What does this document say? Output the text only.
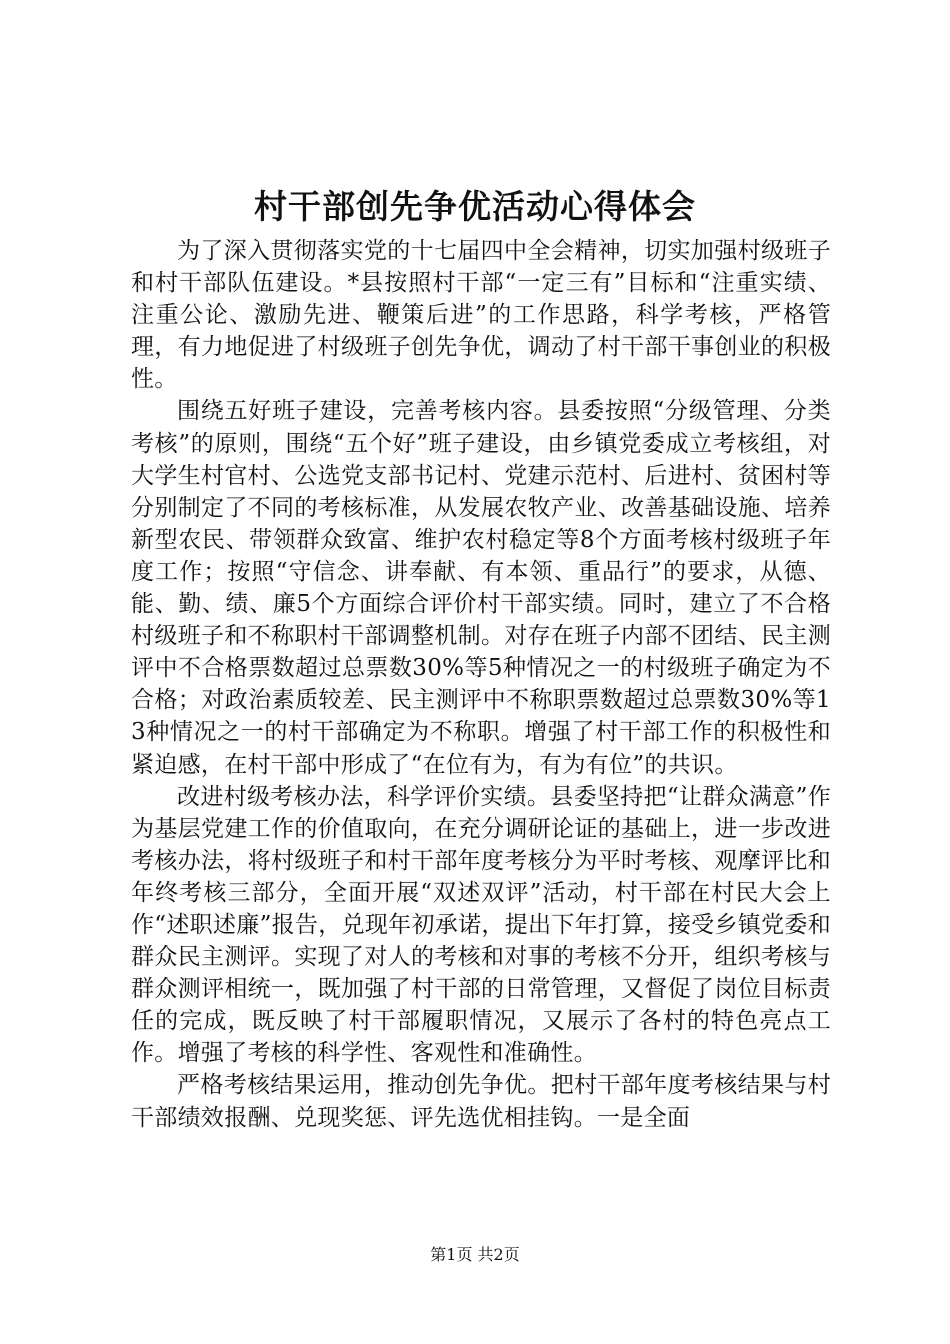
村干部创先争优活动心得体会

为了深入贯彻落实党的十七届四中全会精神，切实加强村级班子和村干部队伍建设。*县按照村干部“一定三有”目标和“注重实绩、注重公论、激励先进、鞭策后进”的工作思路，科学考核，严格管理，有力地促进了村级班子创先争优，调动了村干部干事创业的积极性。

围绕五好班子建设，完善考核内容。县委按照“分级管理、分类考核”的原则，围绕“五个好”班子建设，由乡镇党委成立考核组，对大学生村官村、公选党支部书记村、党建示范村、后进村、贫困村等分别制定了不同的考核标准，从发展农牧产业、改善基础设施、培养新型农民、带领群众致富、维护农村稳定等8个方面考核村级班子年度工作；按照“守信念、讲奉献、有本领、重品行”的要求，从德、能、勤、绩、廉5个方面综合评价村干部实绩。同时，建立了不合格村级班子和不称职村干部调整机制。对存在班子内部不团结、民主测评中不合格票数超过总票数30%等5种情况之一的村级班子确定为不合格；对政治素质较差、民主测评中不称职票数超过总票数30%等13种情况之一的村干部确定为不称职。增强了村干部工作的积极性和紧迫感，在村干部中形成了“在位有为，有为有位”的共识。

改进村级考核办法，科学评价实绩。县委坚持把“让群众满意”作为基层党建工作的价值取向，在充分调研论证的基础上，进一步改进考核办法，将村级班子和村干部年度考核分为平时考核、观摩评比和年终考核三部分，全面开展“双述双评”活动，村干部在村民大会上作“述职述廉”报告，兑现年初承诺，提出下年打算，接受乡镇党委和群众民主测评。实现了对人的考核和对事的考核不分开，组织考核与群众测评相统一，既加强了村干部的日常管理，又督促了岗位目标责任的完成，既反映了村干部履职情况，又展示了各村的特色亮点工作。增强了考核的科学性、客观性和准确性。

严格考核结果运用，推动创先争优。把村干部年度考核结果与村干部绩效报酬、兑现奖惩、评先选优相挂钩。一是全面

第1页 共2页
